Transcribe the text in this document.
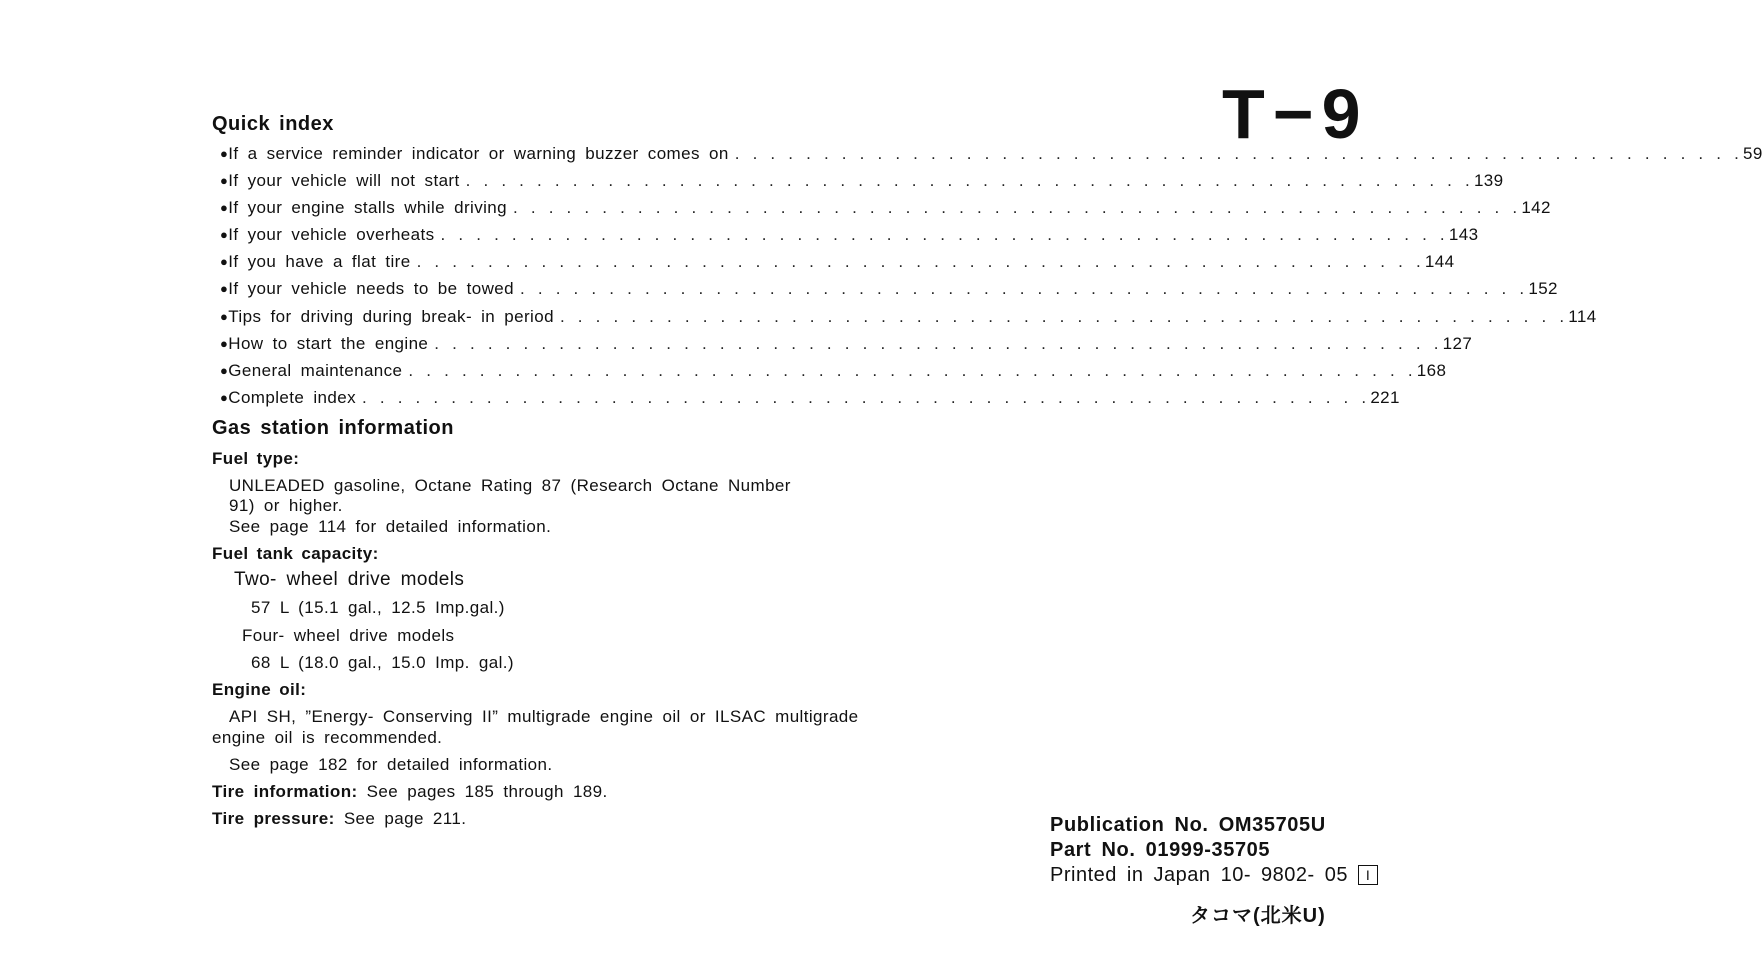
T−9
Quick index
● If a service reminder indicator or warning buzzer comes on . . . . . . . . . . . . . . . . . . . . . . . . . . . . . . . . . . . . . . . . . . . . . . . . . . . . . . . . . 59
● If your vehicle will not start . . . . . . . . . . . . . . . . . . . . . . . . . . . . . . . . . . . . . . . . . . . . . . . . . . . . . . . . . 139
● If your engine stalls while driving . . . . . . . . . . . . . . . . . . . . . . . . . . . . . . . . . . . . . . . . . . . . . . . . . . . . . . . . . 142
● If your vehicle overheats . . . . . . . . . . . . . . . . . . . . . . . . . . . . . . . . . . . . . . . . . . . . . . . . . . . . . . . . . 143
● If you have a flat tire . . . . . . . . . . . . . . . . . . . . . . . . . . . . . . . . . . . . . . . . . . . . . . . . . . . . . . . . . 144
● If your vehicle needs to be towed . . . . . . . . . . . . . . . . . . . . . . . . . . . . . . . . . . . . . . . . . . . . . . . . . . . . . . . . . 152
● Tips for driving during break- in period . . . . . . . . . . . . . . . . . . . . . . . . . . . . . . . . . . . . . . . . . . . . . . . . . . . . . . . . . 114
● How to start the engine . . . . . . . . . . . . . . . . . . . . . . . . . . . . . . . . . . . . . . . . . . . . . . . . . . . . . . . . . 127
● General maintenance . . . . . . . . . . . . . . . . . . . . . . . . . . . . . . . . . . . . . . . . . . . . . . . . . . . . . . . . . 168
● Complete index . . . . . . . . . . . . . . . . . . . . . . . . . . . . . . . . . . . . . . . . . . . . . . . . . . . . . . . . . 221
Gas station information
Fuel type:
UNLEADED gasoline, Octane Rating 87 (Research Octane Number
91) or higher.
See page 114 for detailed information.
Fuel tank capacity:
Two- wheel drive models
57 L (15.1 gal., 12.5 Imp.gal.)
Four- wheel drive models
68 L (18.0 gal., 15.0 Imp. gal.)
Engine oil:
API SH, ”Energy- Conserving II” multigrade engine oil or ILSAC multigrade
engine oil is recommended.
See page 182 for detailed information.
Tire information: See pages 185 through 189.
Tire pressure: See page 211.	Publication No. OM35705U
Part No. 01999-35705
Printed in Japan 10- 9802- 05 I
タコマ(北米U)
